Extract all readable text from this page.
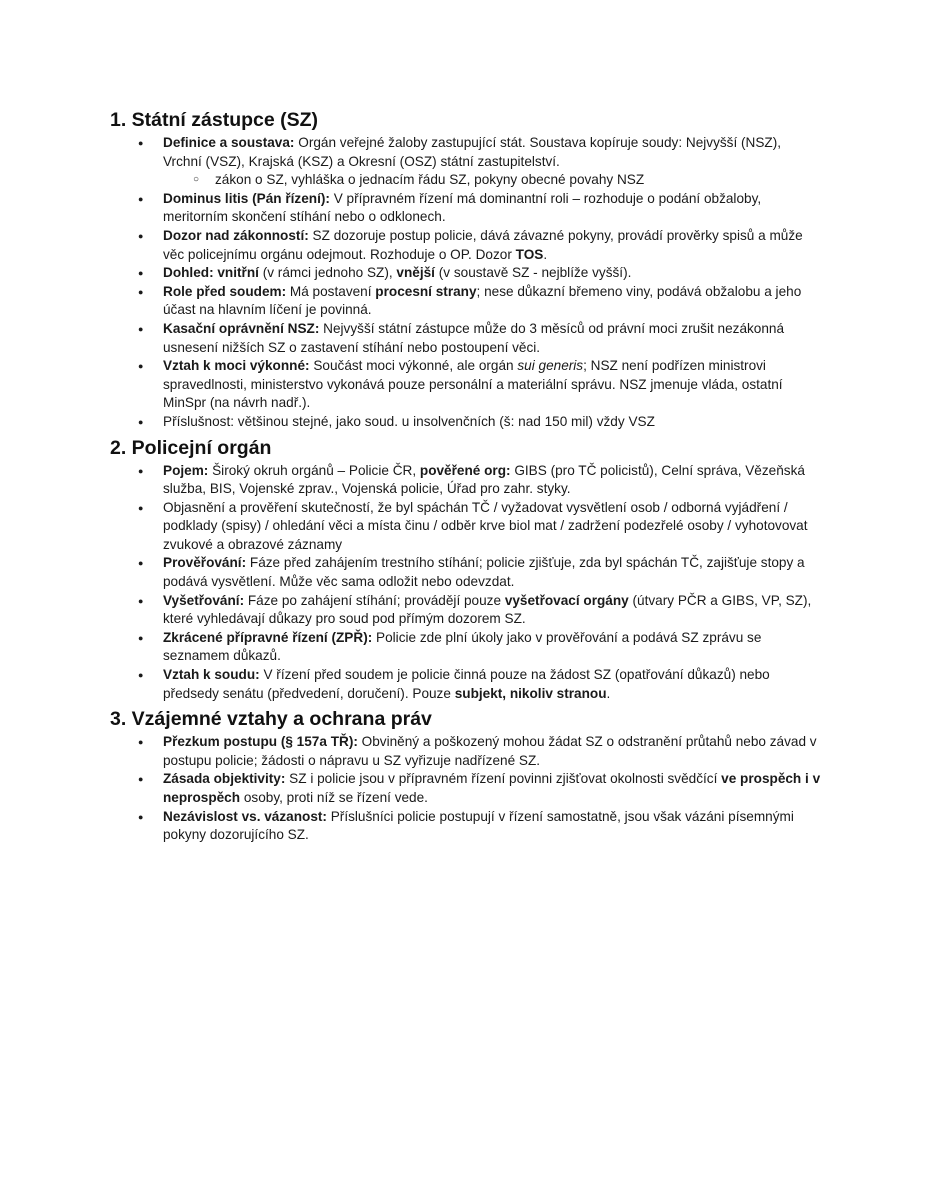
1. Státní zástupce (SZ)
● Definice a soustava: Orgán veřejné žaloby zastupující stát. Soustava kopíruje soudy: Nejvyšší (NSZ), Vrchní (VSZ), Krajská (KSZ) a Okresní (OSZ) státní zastupitelství.
○ zákon o SZ, vyhláška o jednacím řádu SZ, pokyny obecné povahy NSZ
● Dominus litis (Pán řízení): V přípravném řízení má dominantní roli – rozhoduje o podání obžaloby, meritorním skončení stíhání nebo o odklonech.
● Dozor nad zákonností: SZ dozoruje postup policie, dává závazné pokyny, provádí prověrky spisů a může věc policejnímu orgánu odejmout. Rozhoduje o OP. Dozor TOS.
● Dohled: vnitřní (v rámci jednoho SZ), vnější (v soustavě SZ - nejblíže vyšší).
● Role před soudem: Má postavení procesní strany; nese důkazní břemeno viny, podává obžalobu a jeho účast na hlavním líčení je povinná.
● Kasační oprávnění NSZ: Nejvyšší státní zástupce může do 3 měsíců od právní moci zrušit nezákonná usnesení nižších SZ o zastavení stíhání nebo postoupení věci.
● Vztah k moci výkonné: Součást moci výkonné, ale orgán sui generis; NSZ není podřízen ministrovi spravedlnosti, ministerstvo vykonává pouze personální a materiální správu. NSZ jmenuje vláda, ostatní MinSpr (na návrh nadř.).
● Příslušnost: většinou stejné, jako soud. u insolvenčních (š: nad 150 mil) vždy VSZ
2. Policejní orgán
● Pojem: Široký okruh orgánů – Policie ČR, pověřené org: GIBS (pro TČ policistů), Celní správa, Vězeňská služba, BIS, Vojenské zprav., Vojenská policie, Úřad pro zahr. styky.
● Objasnění a prověření skutečností, že byl spáchán TČ / vyžadovat vysvětlení osob / odborná vyjádření / podklady (spisy) / ohledání věci a místa činu / odběr krve biol mat / zadržení podezřelé osoby / vyhotovovat zvukové a obrazové záznamy
● Prověřování: Fáze před zahájením trestního stíhání; policie zjišťuje, zda byl spáchán TČ, zajišťuje stopy a podává vysvětlení. Může věc sama odložit nebo odevzdat.
● Vyšetřování: Fáze po zahájení stíhání; provádějí pouze vyšetřovací orgány (útvary PČR a GIBS, VP, SZ), které vyhledávají důkazy pro soud pod přímým dozorem SZ.
● Zkrácené přípravné řízení (ZPŘ): Policie zde plní úkoly jako v prověřování a podává SZ zprávu se seznamem důkazů.
● Vztah k soudu: V řízení před soudem je policie činná pouze na žádost SZ (opatřování důkazů) nebo předsedy senátu (předvedení, doručení). Pouze subjekt, nikoliv stranou.
3. Vzájemné vztahy a ochrana práv
● Přezkum postupu (§ 157a TŘ): Obviněný a poškozený mohou žádat SZ o odstranění průtahů nebo závad v postupu policie; žádosti o nápravu u SZ vyřizuje nadřízené SZ.
● Zásada objektivity: SZ i policie jsou v přípravném řízení povinni zjišťovat okolnosti svědčící ve prospěch i v neprospěch osoby, proti níž se řízení vede.
● Nezávislost vs. vázanost: Příslušníci policie postupují v řízení samostatně, jsou však vázáni písemnými pokyny dozorujícího SZ.
